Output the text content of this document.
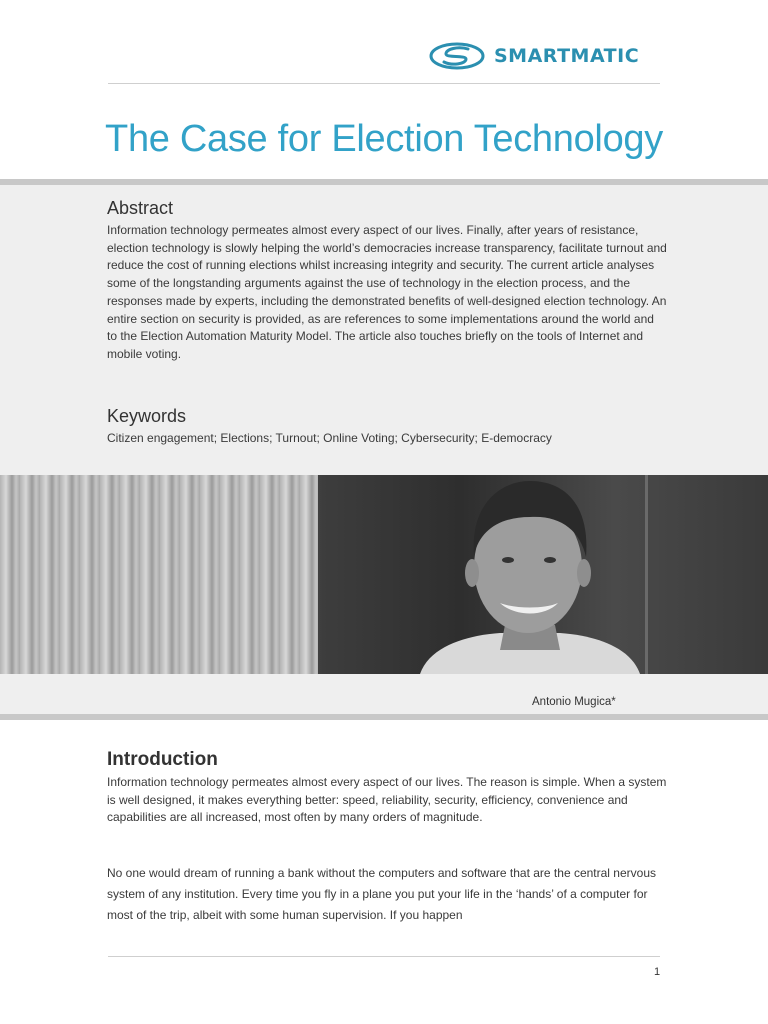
SMARTMATIC
The Case for Election Technology
Abstract

Information technology permeates almost every aspect of our lives. Finally, after years of resistance, election technology is slowly helping the world’s democracies increase transparency, facilitate turnout and reduce the cost of running elections whilst increasing integrity and security. The current article analyses some of the longstanding arguments against the use of technology in the election process, and the responses made by experts, including the demonstrated benefits of well-designed election technology. An entire section on security is provided, as are references to some implementations around the world and to the Election Automation Maturity Model. The article also touches briefly on the tools of Internet and mobile voting.

Keywords

Citizen engagement; Elections; Turnout; Online Voting; Cybersecurity; E-democracy

Antonio Mugica*

Introduction

Information technology permeates almost every aspect of our lives. The reason is simple. When a system is well designed, it makes everything better: speed, reliability, security, efficiency, convenience and capabilities are all increased, most often by many orders of magnitude.

No one would dream of running a bank without the computers and software that are the central nervous system of any institution. Every time you fly in a plane you put your life in the ‘hands’ of a computer for most of the trip, albeit with some human supervision. If you happen

1
